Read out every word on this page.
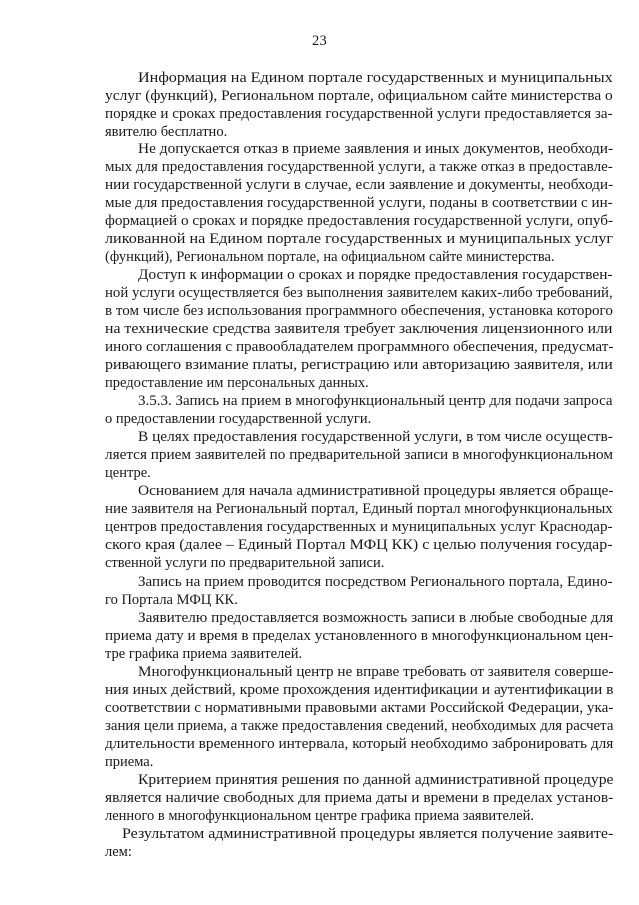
23
Информация на Едином портале государственных и муниципальных
услуг (функций), Региональном портале, официальном сайте министерства о
порядке и сроках предоставления государственной услуги предоставляется за-
явителю бесплатно.
Не допускается отказ в приеме заявления и иных документов, необходи-
мых для предоставления государственной услуги, а также отказ в предоставле-
нии государственной услуги в случае, если заявление и документы, необходи-
мые для предоставления государственной услуги, поданы в соответствии с ин-
формацией о сроках и порядке предоставления государственной услуги, опуб-
ликованной на Едином портале государственных и муниципальных услуг
(функций), Региональном портале, на официальном сайте министерства.
Доступ к информации о сроках и порядке предоставления государствен-
ной услуги осуществляется без выполнения заявителем каких-либо требований,
в том числе без использования программного обеспечения, установка которого
на технические средства заявителя требует заключения лицензионного или
иного соглашения с правообладателем программного обеспечения, предусмат-
ривающего взимание платы, регистрацию или авторизацию заявителя, или
предоставление им персональных данных.
3.5.3. Запись на прием в многофункциональный центр для подачи запроса
о предоставлении государственной услуги.
В целях предоставления государственной услуги, в том числе осуществ-
ляется прием заявителей по предварительной записи в многофункциональном
центре.
Основанием для начала административной процедуры является обраще-
ние заявителя на Региональный портал, Единый портал многофункциональных
центров предоставления государственных и муниципальных услуг Краснодар-
ского края (далее – Единый Портал МФЦ КК) с целью получения государ-
ственной услуги по предварительной записи.
Запись на прием проводится посредством Регионального портала, Едино-
го Портала МФЦ КК.
Заявителю предоставляется возможность записи в любые свободные для
приема дату и время в пределах установленного в многофункциональном цен-
тре графика приема заявителей.
Многофункциональный центр не вправе требовать от заявителя соверше-
ния иных действий, кроме прохождения идентификации и аутентификации в
соответствии с нормативными правовыми актами Российской Федерации, ука-
зания цели приема, а также предоставления сведений, необходимых для расчета
длительности временного интервала, который необходимо забронировать для
приема.
Критерием принятия решения по данной административной процедуре
является наличие свободных для приема даты и времени в пределах установ-
ленного в многофункциональном центре графика приема заявителей.
Результатом административной процедуры является получение заявите-
лем:
